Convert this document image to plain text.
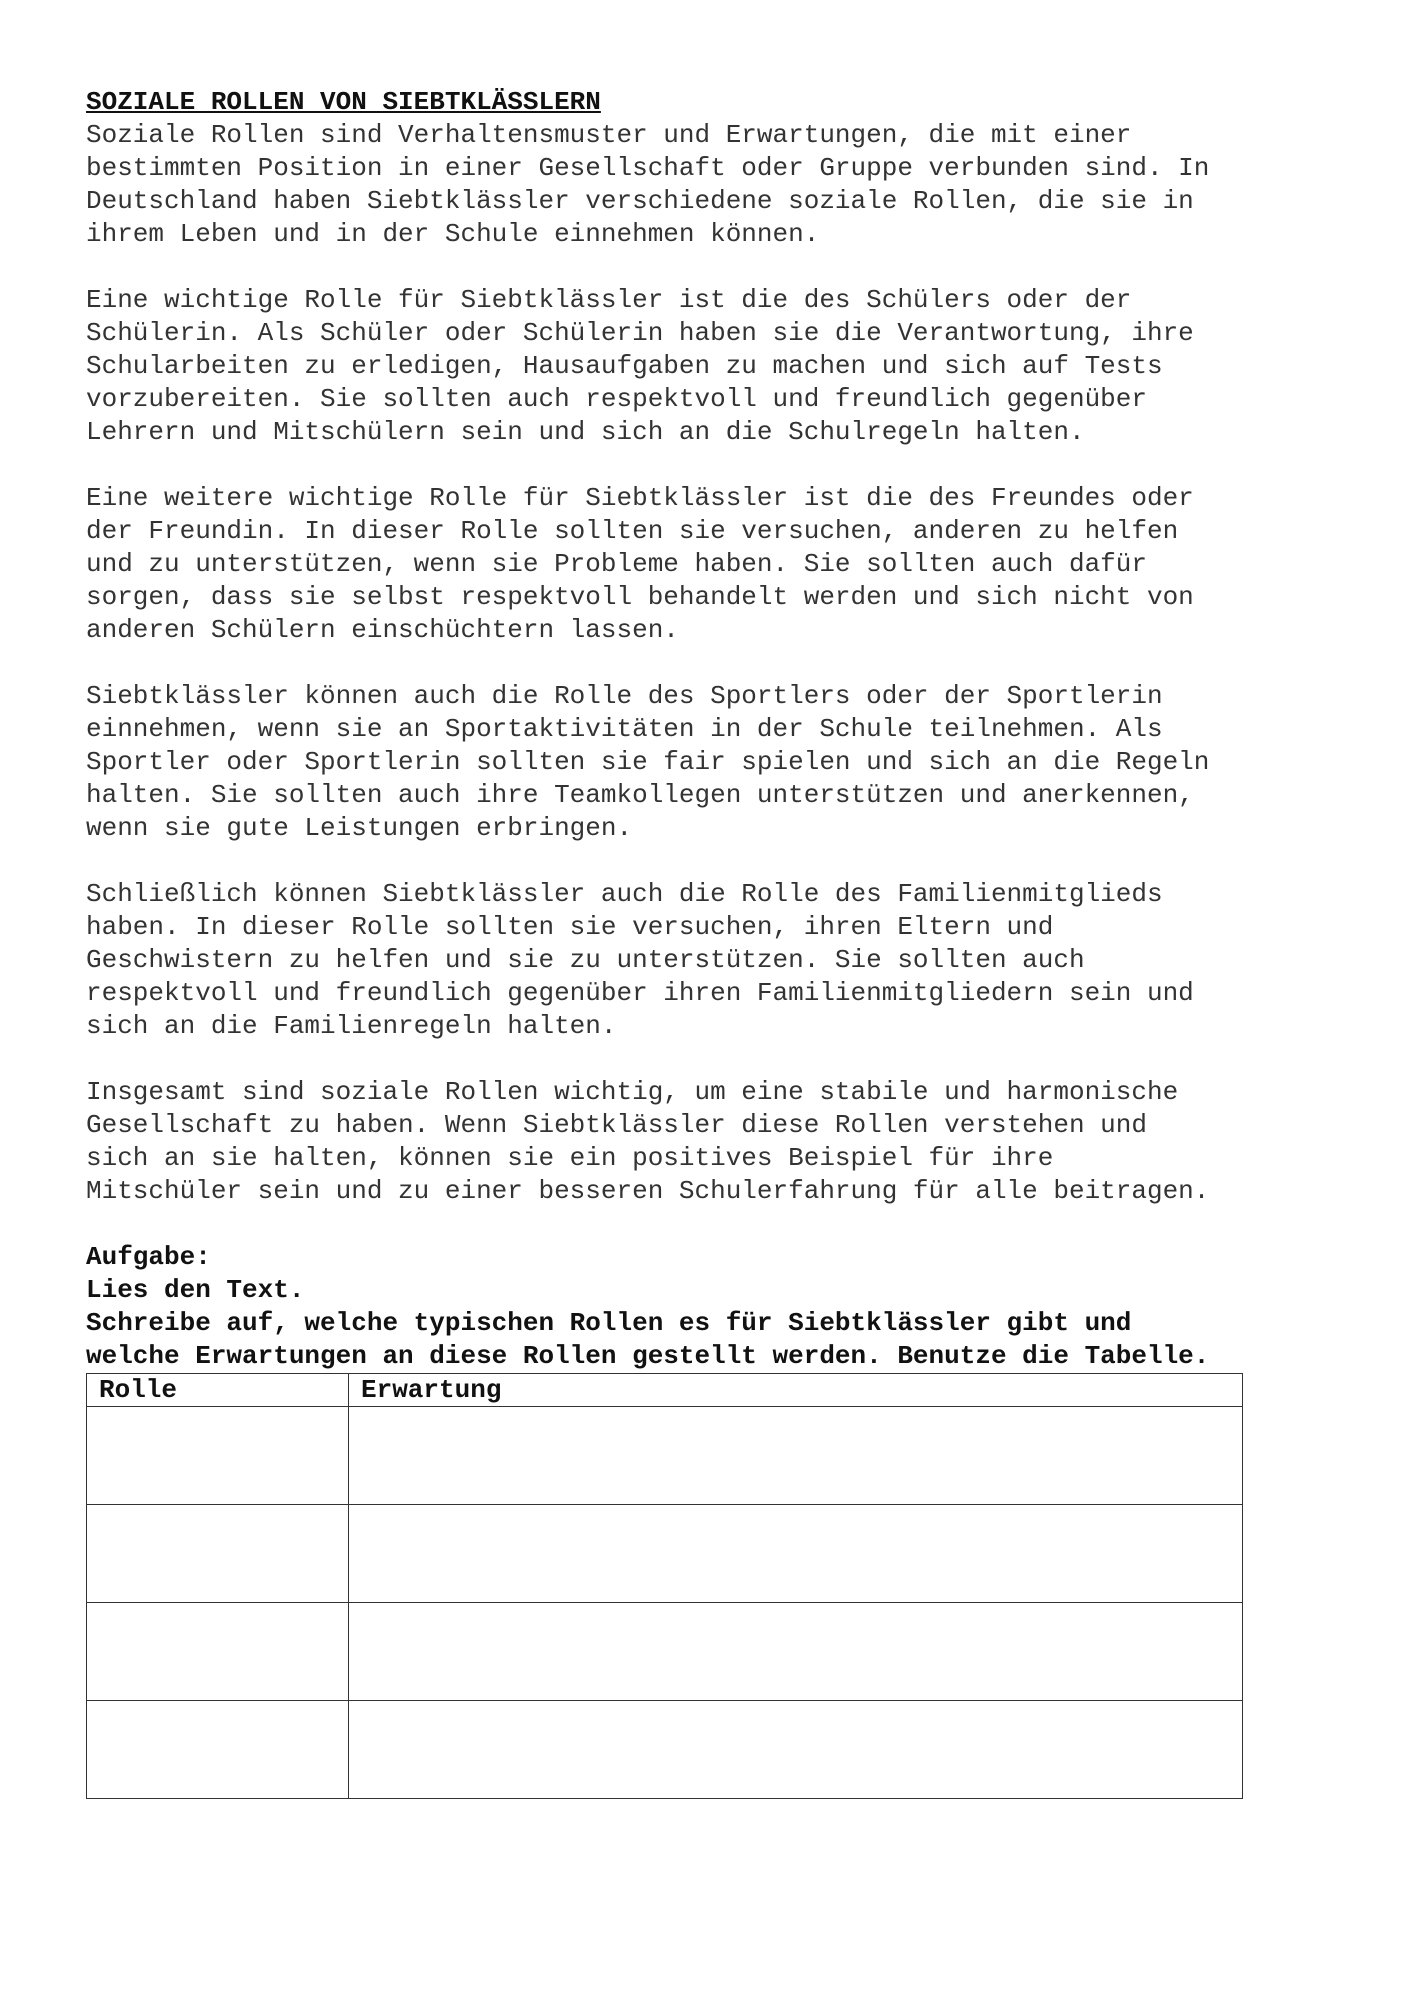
SOZIALE ROLLEN VON SIEBTKLÄSSLERN

Soziale Rollen sind Verhaltensmuster und Erwartungen, die mit einer
bestimmten Position in einer Gesellschaft oder Gruppe verbunden sind. In
Deutschland haben Siebtklässler verschiedene soziale Rollen, die sie in
ihrem Leben und in der Schule einnehmen können.

Eine wichtige Rolle für Siebtklässler ist die des Schülers oder der
Schülerin. Als Schüler oder Schülerin haben sie die Verantwortung, ihre
Schularbeiten zu erledigen, Hausaufgaben zu machen und sich auf Tests
vorzubereiten. Sie sollten auch respektvoll und freundlich gegenüber
Lehrern und Mitschülern sein und sich an die Schulregeln halten.

Eine weitere wichtige Rolle für Siebtklässler ist die des Freundes oder
der Freundin. In dieser Rolle sollten sie versuchen, anderen zu helfen
und zu unterstützen, wenn sie Probleme haben. Sie sollten auch dafür
sorgen, dass sie selbst respektvoll behandelt werden und sich nicht von
anderen Schülern einschüchtern lassen.

Siebtklässler können auch die Rolle des Sportlers oder der Sportlerin
einnehmen, wenn sie an Sportaktivitäten in der Schule teilnehmen. Als
Sportler oder Sportlerin sollten sie fair spielen und sich an die Regeln
halten. Sie sollten auch ihre Teamkollegen unterstützen und anerkennen,
wenn sie gute Leistungen erbringen.

Schließlich können Siebtklässler auch die Rolle des Familienmitglieds
haben. In dieser Rolle sollten sie versuchen, ihren Eltern und
Geschwistern zu helfen und sie zu unterstützen. Sie sollten auch
respektvoll und freundlich gegenüber ihren Familienmitgliedern sein und
sich an die Familienregeln halten.

Insgesamt sind soziale Rollen wichtig, um eine stabile und harmonische
Gesellschaft zu haben. Wenn Siebtklässler diese Rollen verstehen und
sich an sie halten, können sie ein positives Beispiel für ihre
Mitschüler sein und zu einer besseren Schulerfahrung für alle beitragen.

Aufgabe:

Lies den Text.

Schreibe auf, welche typischen Rollen es für Siebtklässler gibt und
welche Erwartungen an diese Rollen gestellt werden. Benutze die Tabelle.

Rolle	Erwartung
